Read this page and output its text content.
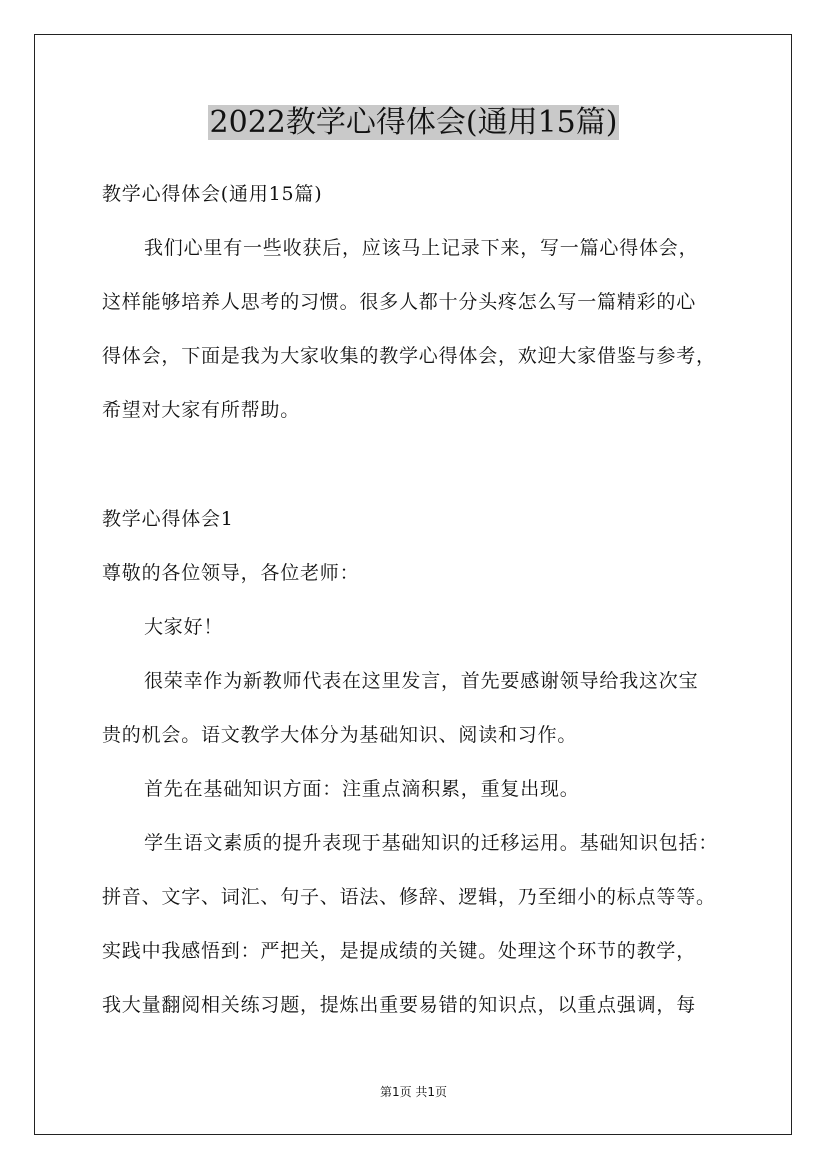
2022教学心得体会(通用15篇)
教学心得体会(通用15篇)
我们心里有一些收获后，应该马上记录下来，写一篇心得体会，
这样能够培养人思考的习惯。很多人都十分头疼怎么写一篇精彩的心
得体会，下面是我为大家收集的教学心得体会，欢迎大家借鉴与参考，
希望对大家有所帮助。
教学心得体会1
尊敬的各位领导，各位老师：
大家好！
很荣幸作为新教师代表在这里发言，首先要感谢领导给我这次宝
贵的机会。语文教学大体分为基础知识、阅读和习作。
首先在基础知识方面：注重点滴积累，重复出现。
学生语文素质的提升表现于基础知识的迁移运用。基础知识包括：
拼音、文字、词汇、句子、语法、修辞、逻辑，乃至细小的标点等等。
实践中我感悟到：严把关，是提成绩的关键。处理这个环节的教学，
我大量翻阅相关练习题，提炼出重要易错的知识点，以重点强调，每
第1页 共1页
